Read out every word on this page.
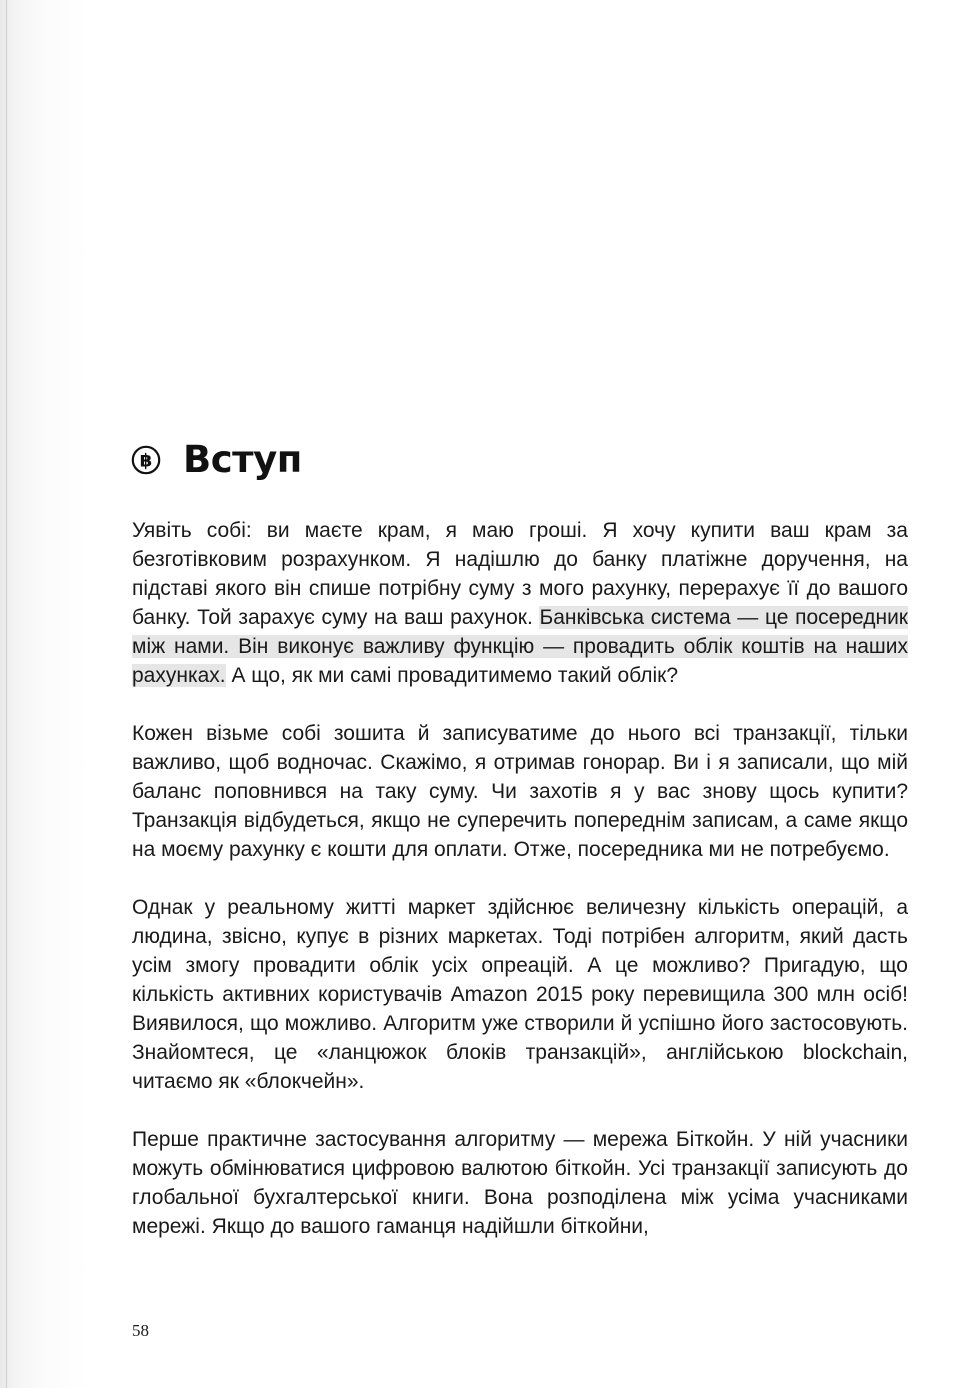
฿ Вступ

Уявіть собі: ви маєте крам, я маю гроші. Я хочу купити ваш крам за безготівковим розрахунком. Я надішлю до банку платіжне доручення, на підставі якого він спише потрібну суму з мого рахунку, перерахує її до вашого банку. Той зарахує суму на ваш рахунок. Банківська система — це посередник між нами. Він виконує важливу функцію — провадить облік коштів на наших рахунках. А що, як ми самі провадитимемо такий облік?

Кожен візьме собі зошита й записуватиме до нього всі транзакції, тільки важливо, щоб водночас. Скажімо, я отримав гонорар. Ви і я записали, що мій баланс поповнився на таку суму. Чи захотів я у вас знову щось купити? Транзакція відбудеться, якщо не суперечить попереднім записам, а саме якщо на моєму рахунку є кошти для оплати. Отже, посередника ми не потребуємо.

Однак у реальному житті маркет здійснює величезну кількість операцій, а людина, звісно, купує в різних маркетах. Тоді потрібен алгоритм, який дасть усім змогу провадити облік усіх опреацій. А це можливо? Пригадую, що кількість активних користувачів Amazon 2015 року перевищила 300 млн осіб! Виявилося, що можливо. Алгоритм уже створили й успішно його застосовують. Знайомтеся, це «ланцюжок блоків транзакцій», англійською blockchain, читаємо як «блокчейн».

Перше практичне застосування алгоритму — мережа Біткойн. У ній учасники можуть обмінюватися цифровою валютою біткойн. Усі транзакції записують до глобальної бухгалтерської книги. Вона розподілена між усіма учасниками мережі. Якщо до вашого гаманця надійшли біткойни,

58
